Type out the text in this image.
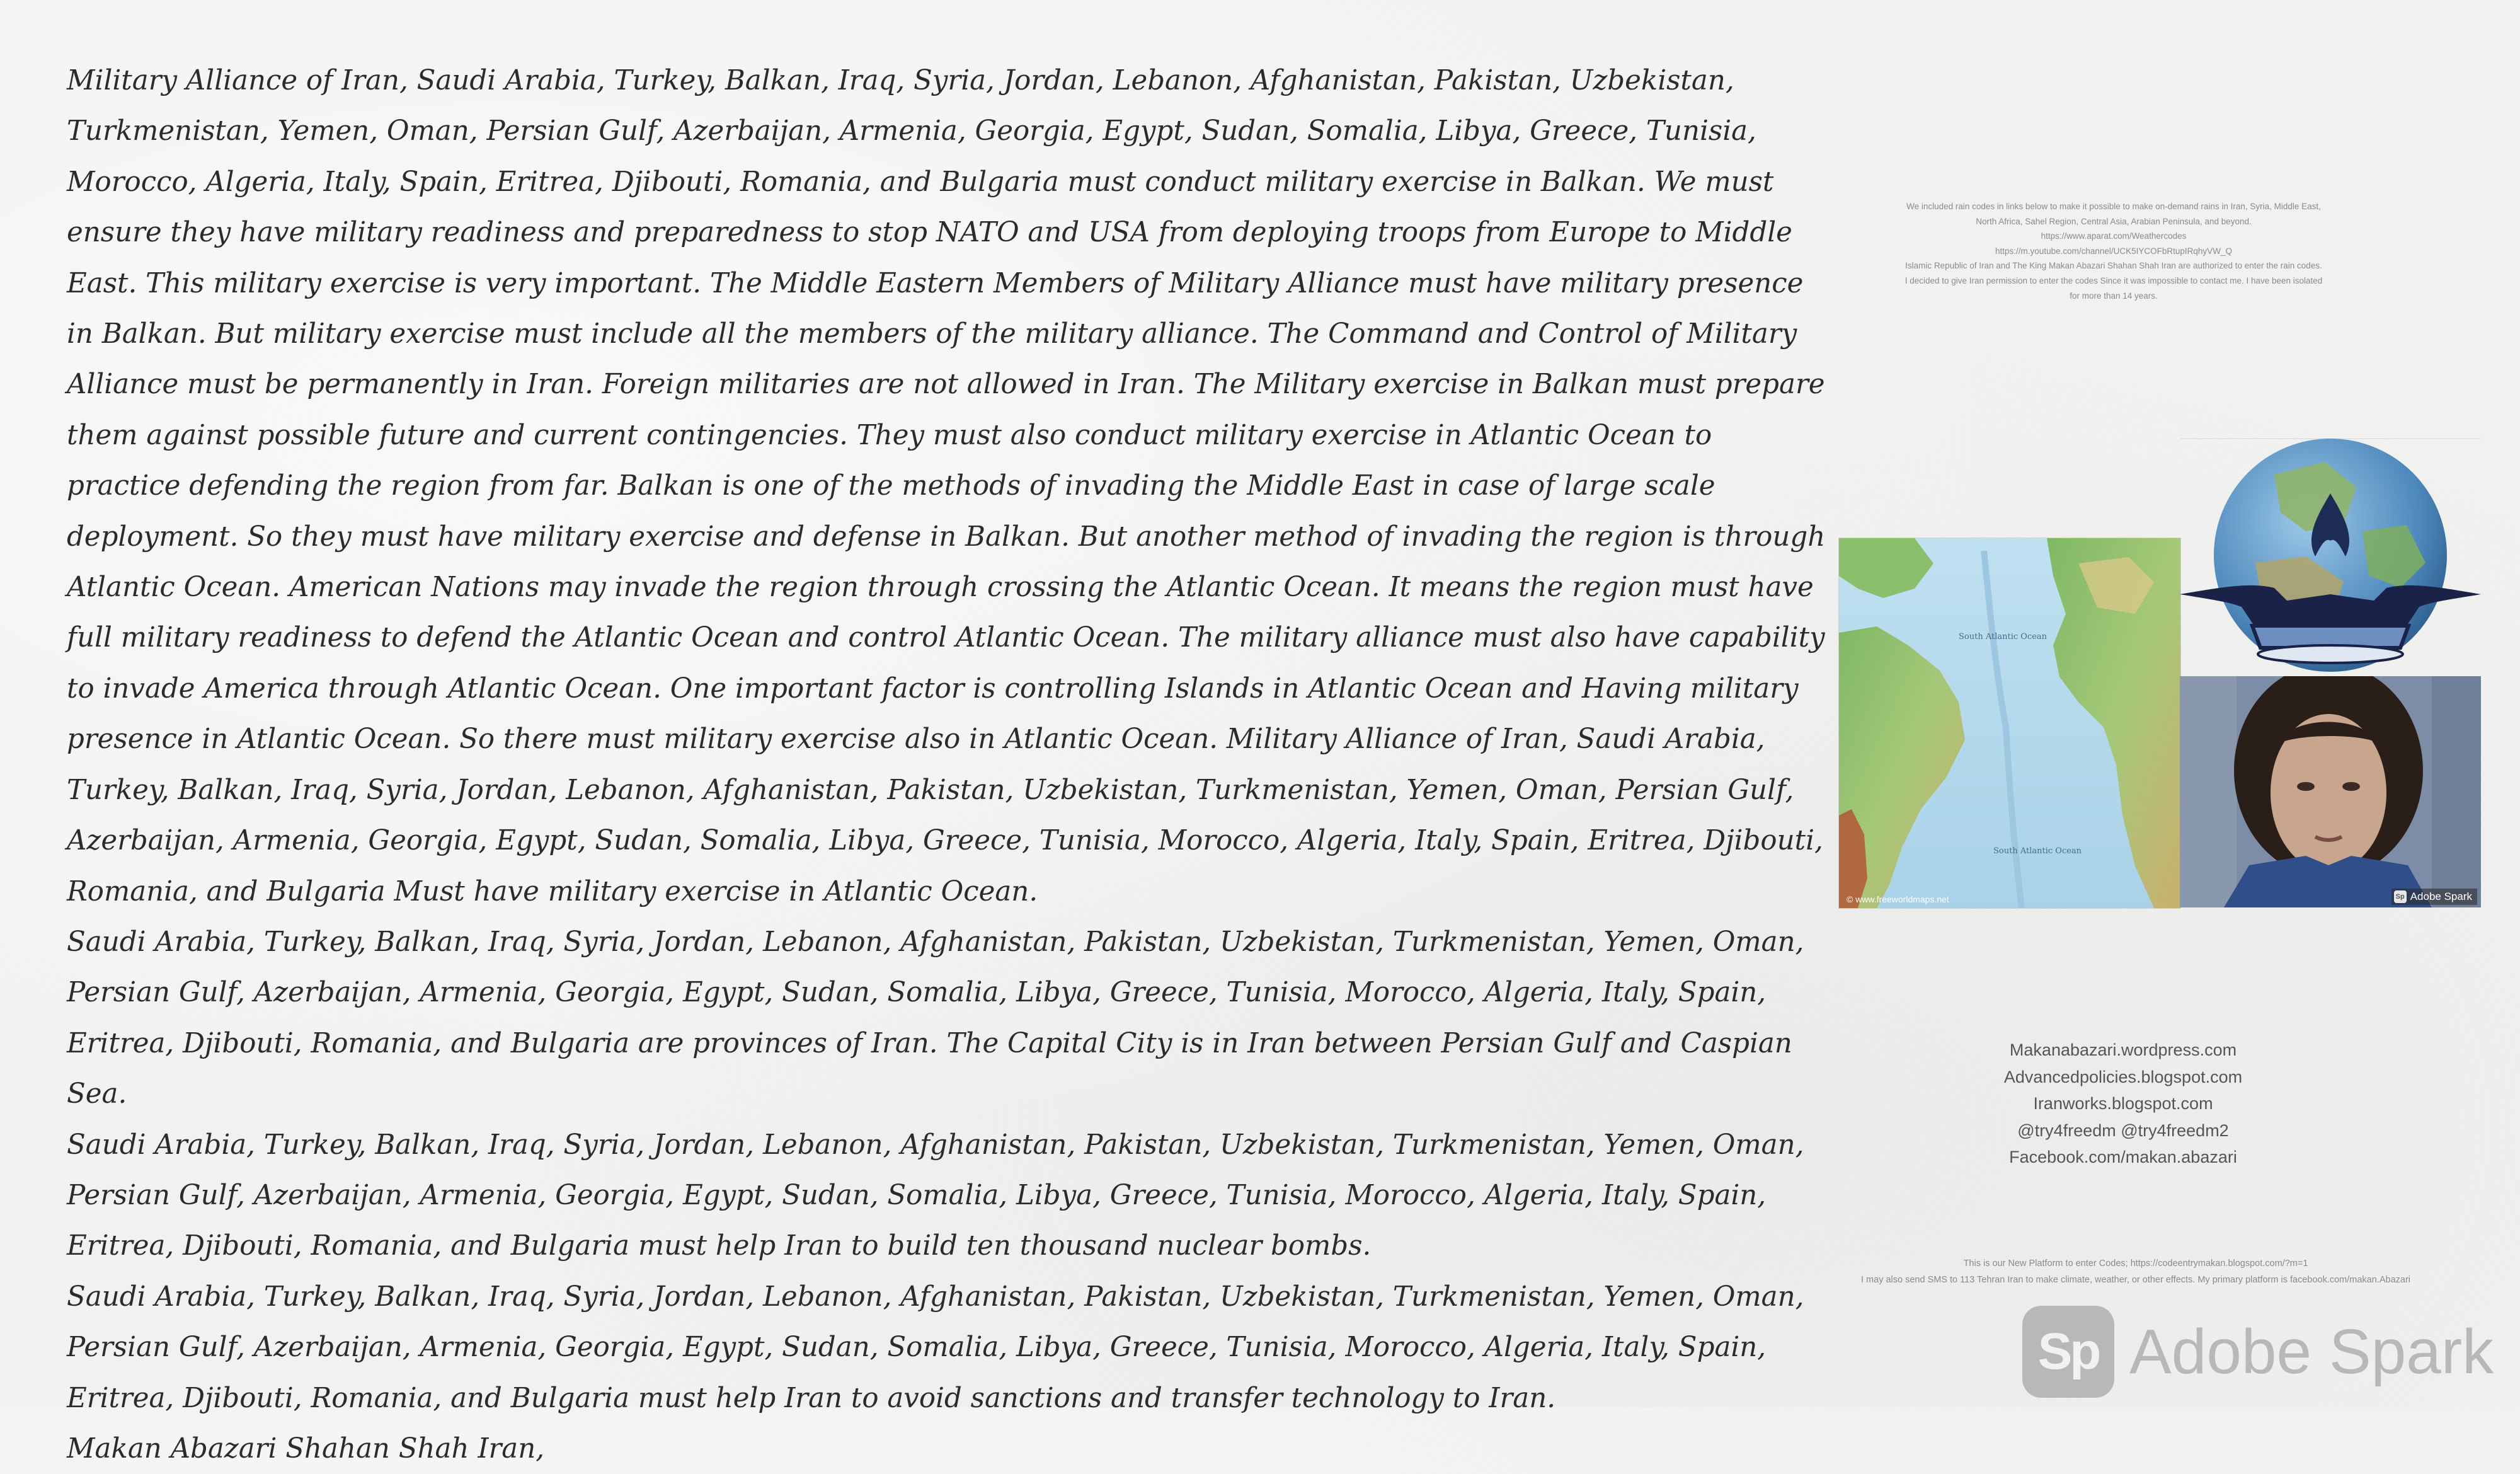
Military Alliance of Iran, Saudi Arabia, Turkey, Balkan, Iraq, Syria, Jordan, Lebanon, Afghanistan, Pakistan, Uzbekistan, Turkmenistan, Yemen, Oman, Persian Gulf, Azerbaijan, Armenia, Georgia, Egypt, Sudan, Somalia, Libya, Greece, Tunisia, Morocco, Algeria, Italy, Spain, Eritrea, Djibouti, Romania, and Bulgaria must conduct military exercise in Balkan. We must ensure they have military readiness and preparedness to stop NATO and USA from deploying troops from Europe to Middle East. This military exercise is very important. The Middle Eastern Members of Military Alliance must have military presence in Balkan. But military exercise must include all the members of the military alliance. The Command and Control of Military Alliance must be permanently in Iran. Foreign militaries are not allowed in Iran. The Military exercise in Balkan must prepare them against possible future and current contingencies. They must also conduct military exercise in Atlantic Ocean to practice defending the region from far. Balkan is one of the methods of invading the Middle East in case of large scale deployment. So they must have military exercise and defense in Balkan. But another method of invading the region is through Atlantic Ocean. American Nations may invade the region through crossing the Atlantic Ocean. It means the region must have full military readiness to defend the Atlantic Ocean and control Atlantic Ocean. The military alliance must also have capability to invade America through Atlantic Ocean. One important factor is controlling Islands in Atlantic Ocean and Having military presence in Atlantic Ocean. So there must military exercise also in Atlantic Ocean. Military Alliance of Iran, Saudi Arabia, Turkey, Balkan, Iraq, Syria, Jordan, Lebanon, Afghanistan, Pakistan, Uzbekistan, Turkmenistan, Yemen, Oman, Persian Gulf, Azerbaijan, Armenia, Georgia, Egypt, Sudan, Somalia, Libya, Greece, Tunisia, Morocco, Algeria, Italy, Spain, Eritrea, Djibouti, Romania, and Bulgaria Must have military exercise in Atlantic Ocean.

Saudi Arabia, Turkey, Balkan, Iraq, Syria, Jordan, Lebanon, Afghanistan, Pakistan, Uzbekistan, Turkmenistan, Yemen, Oman, Persian Gulf, Azerbaijan, Armenia, Georgia, Egypt, Sudan, Somalia, Libya, Greece, Tunisia, Morocco, Algeria, Italy, Spain, Eritrea, Djibouti, Romania, and Bulgaria are provinces of Iran. The Capital City is in Iran between Persian Gulf and Caspian Sea.

Saudi Arabia, Turkey, Balkan, Iraq, Syria, Jordan, Lebanon, Afghanistan, Pakistan, Uzbekistan, Turkmenistan, Yemen, Oman, Persian Gulf, Azerbaijan, Armenia, Georgia, Egypt, Sudan, Somalia, Libya, Greece, Tunisia, Morocco, Algeria, Italy, Spain, Eritrea, Djibouti, Romania, and Bulgaria must help Iran to build ten thousand nuclear bombs.

Saudi Arabia, Turkey, Balkan, Iraq, Syria, Jordan, Lebanon, Afghanistan, Pakistan, Uzbekistan, Turkmenistan, Yemen, Oman, Persian Gulf, Azerbaijan, Armenia, Georgia, Egypt, Sudan, Somalia, Libya, Greece, Tunisia, Morocco, Algeria, Italy, Spain, Eritrea, Djibouti, Romania, and Bulgaria must help Iran to avoid sanctions and transfer technology to Iran.

Makan Abazari Shahan Shah Iran,

We included rain codes in links below to make it possible to make on-demand rains in Iran, Syria, Middle East,
North Africa, Sahel Region, Central Asia, Arabian Peninsula, and beyond.
https://www.aparat.com/Weathercodes
https://m.youtube.com/channel/UCK5IYCOFbRtupIRqhyVW_Q
Islamic Republic of Iran and The King Makan Abazari Shahan Shah Iran are authorized to enter the rain codes.
I decided to give Iran permission to enter the codes Since it was impossible to contact me. I have been isolated
for more than 14 years.
South Atlantic Ocean
South Atlantic Ocean
© www.freeworldmaps.net	Sp Adobe Spark
Makanabazari.wordpress.com
Advancedpolicies.blogspot.com
Iranworks.blogspot.com
@try4freedm @try4freedm2
Facebook.com/makan.abazari
This is our New Platform to enter Codes; https://codeentrymakan.blogspot.com/?m=1
I may also send SMS to 113 Tehran Iran to make climate, weather, or other effects. My primary platform is facebook.com/makan.Abazari
Sp Adobe Spark
